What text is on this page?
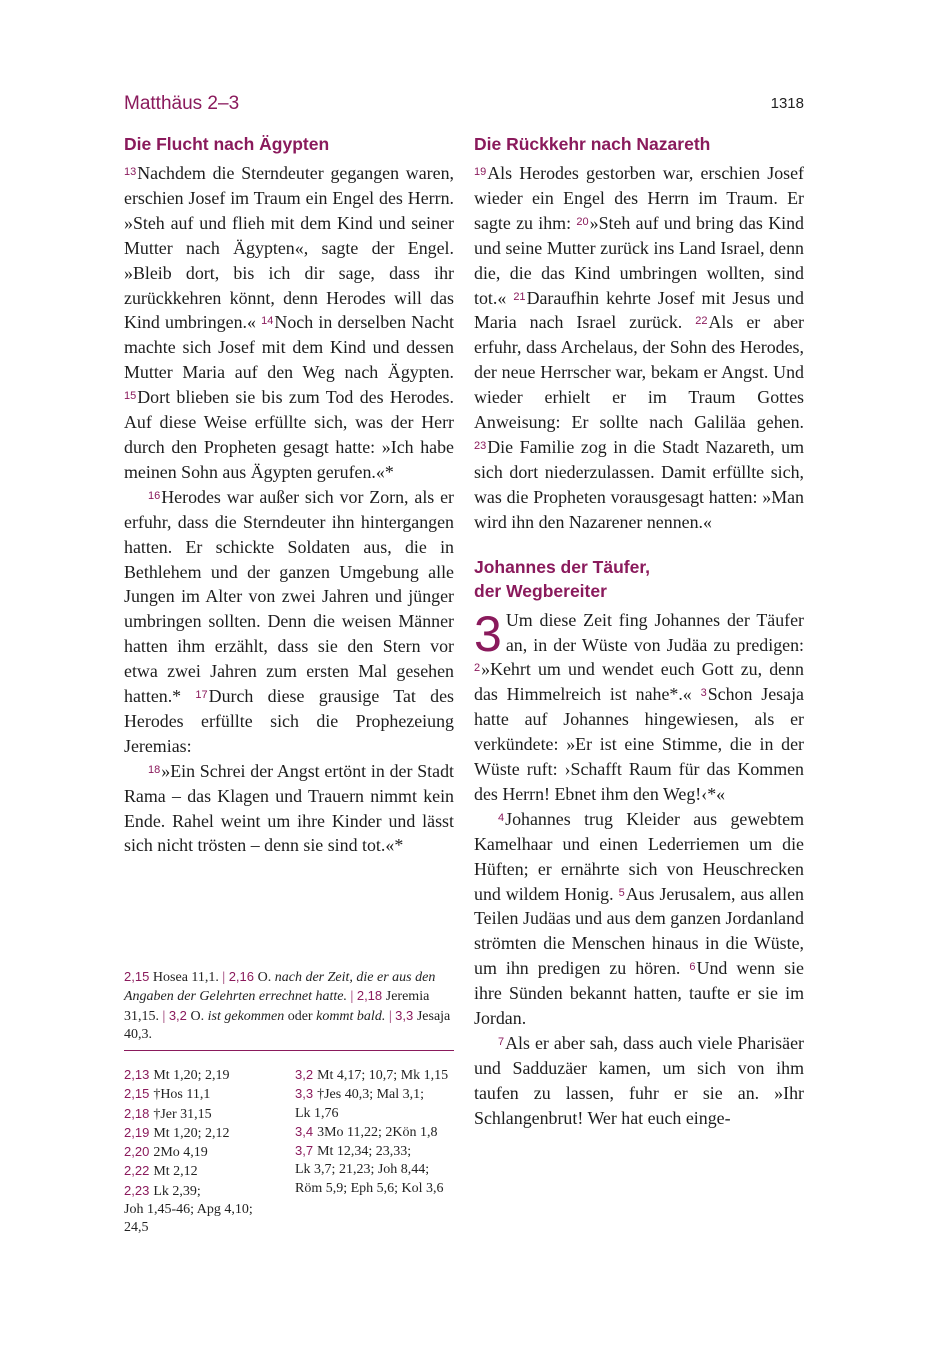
Matthäus 2–3	1318
Die Flucht nach Ägypten

$^{13}$Nachdem die Sterndeuter gegangen waren, erschien Josef im Traum ein Engel des Herrn. »Steh auf und flieh mit dem Kind und seiner Mutter nach Ägypten«, sagte der Engel. »Bleib dort, bis ich dir sage, dass ihr zurückkehren könnt, denn Herodes will das Kind umbringen.« $^{14}$Noch in derselben Nacht machte sich Josef mit dem Kind und dessen Mutter Maria auf den Weg nach Ägypten. $^{15}$Dort blieben sie bis zum Tod des Herodes. Auf diese Weise erfüllte sich, was der Herr durch den Propheten gesagt hatte: »Ich habe meinen Sohn aus Ägypten gerufen.«*

$^{16}$Herodes war außer sich vor Zorn, als er erfuhr, dass die Sterndeuter ihn hintergangen hatten. Er schickte Soldaten aus, die in Bethlehem und der ganzen Umgebung alle Jungen im Alter von zwei Jahren und jünger umbringen sollten. Denn die weisen Männer hatten ihm erzählt, dass sie den Stern vor etwa zwei Jahren zum ersten Mal gesehen hatten.* $^{17}$Durch diese grausige Tat des Herodes erfüllte sich die Prophezeiung Jeremias:

$^{18}$»Ein Schrei der Angst ertönt in der Stadt Rama – das Klagen und Trauern nimmt kein Ende. Rahel weint um ihre Kinder und lässt sich nicht trösten – denn sie sind tot.«*

2,15 Hosea 11,1. | 2,16 O. nach der Zeit, die er aus den Angaben der Gelehrten errechnet hatte. | 2,18 Jeremia 31,15. | 3,2 O. ist gekommen oder kommt bald. | 3,3 Jesaja 40,3.
2,13 Mt 1,20; 2,19
2,15 †Hos 11,1
2,18 †Jer 31,15
2,19 Mt 1,20; 2,12
2,20 2Mo 4,19
2,22 Mt 2,12
2,23 Lk 2,39;
Joh 1,45-46; Apg 4,10;
24,5
3,2 Mt 4,17; 10,7; Mk 1,15
3,3 †Jes 40,3; Mal 3,1;
Lk 1,76
3,4 3Mo 11,22; 2Kön 1,8
3,7 Mt 12,34; 23,33;
Lk 3,7; 21,23; Joh 8,44;
Röm 5,9; Eph 5,6; Kol 3,6
Die Rückkehr nach Nazareth

$^{19}$Als Herodes gestorben war, erschien Josef wieder ein Engel des Herrn im Traum. Er sagte zu ihm: $^{20}$»Steh auf und bring das Kind und seine Mutter zurück ins Land Israel, denn die, die das Kind umbringen wollten, sind tot.« $^{21}$Daraufhin kehrte Josef mit Jesus und Maria nach Israel zurück. $^{22}$Als er aber erfuhr, dass Archelaus, der Sohn des Herodes, der neue Herrscher war, bekam er Angst. Und wieder erhielt er im Traum Gottes Anweisung: Er sollte nach Galiläa gehen. $^{23}$Die Familie zog in die Stadt Nazareth, um sich dort niederzulassen. Damit erfüllte sich, was die Propheten vorausgesagt hatten: »Man wird ihn den Nazarener nennen.«

Johannes der Täufer,
der Wegbereiter

3 Um diese Zeit fing Johannes der Täufer an, in der Wüste von Judäa zu predigen: $^2$»Kehrt um und wendet euch Gott zu, denn das Himmelreich ist nahe*.« $^3$Schon Jesaja hatte auf Johannes hingewiesen, als er verkündete: »Er ist eine Stimme, die in der Wüste ruft: ›Schafft Raum für das Kommen des Herrn! Ebnet ihm den Weg!‹*«

$^4$Johannes trug Kleider aus gewebtem Kamelhaar und einen Lederriemen um die Hüften; er ernährte sich von Heuschrecken und wildem Honig. $^5$Aus Jerusalem, aus allen Teilen Judäas und aus dem ganzen Jordanland strömten die Menschen hinaus in die Wüste, um ihn predigen zu hören. $^6$Und wenn sie ihre Sünden bekannt hatten, taufte er sie im Jordan.

$^7$Als er aber sah, dass auch viele Pharisäer und Sadduzäer kamen, um sich von ihm taufen zu lassen, fuhr er sie an. »Ihr Schlangenbrut! Wer hat euch einge-
